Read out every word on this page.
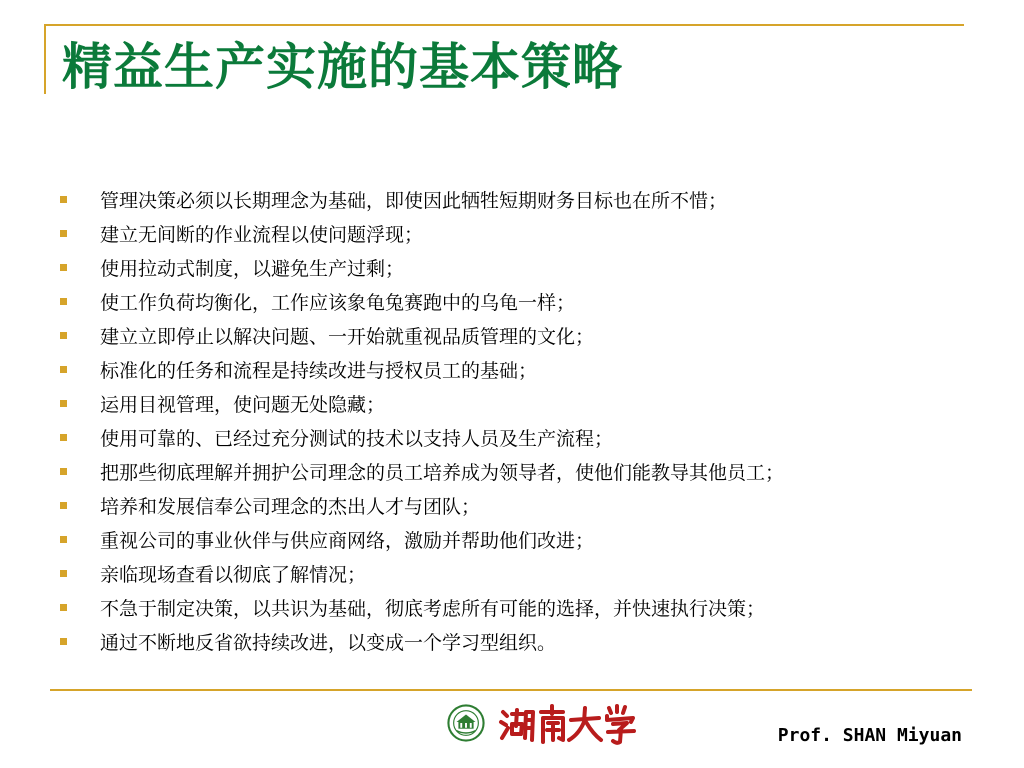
精益生产实施的基本策略
管理决策必须以长期理念为基础，即使因此牺牲短期财务目标也在所不惜；
建立无间断的作业流程以使问题浮现；
使用拉动式制度，以避免生产过剩；
使工作负荷均衡化，工作应该象龟兔赛跑中的乌龟一样；
建立立即停止以解决问题、一开始就重视品质管理的文化；
标准化的任务和流程是持续改进与授权员工的基础；
运用目视管理，使问题无处隐藏；
使用可靠的、已经过充分测试的技术以支持人员及生产流程；
把那些彻底理解并拥护公司理念的员工培养成为领导者，使他们能教导其他员工；
培养和发展信奉公司理念的杰出人才与团队；
重视公司的事业伙伴与供应商网络，激励并帮助他们改进；
亲临现场查看以彻底了解情况；
不急于制定决策，以共识为基础，彻底考虑所有可能的选择，并快速执行决策；
通过不断地反省欲持续改进，以变成一个学习型组织。
Prof. SHAN Miyuan
